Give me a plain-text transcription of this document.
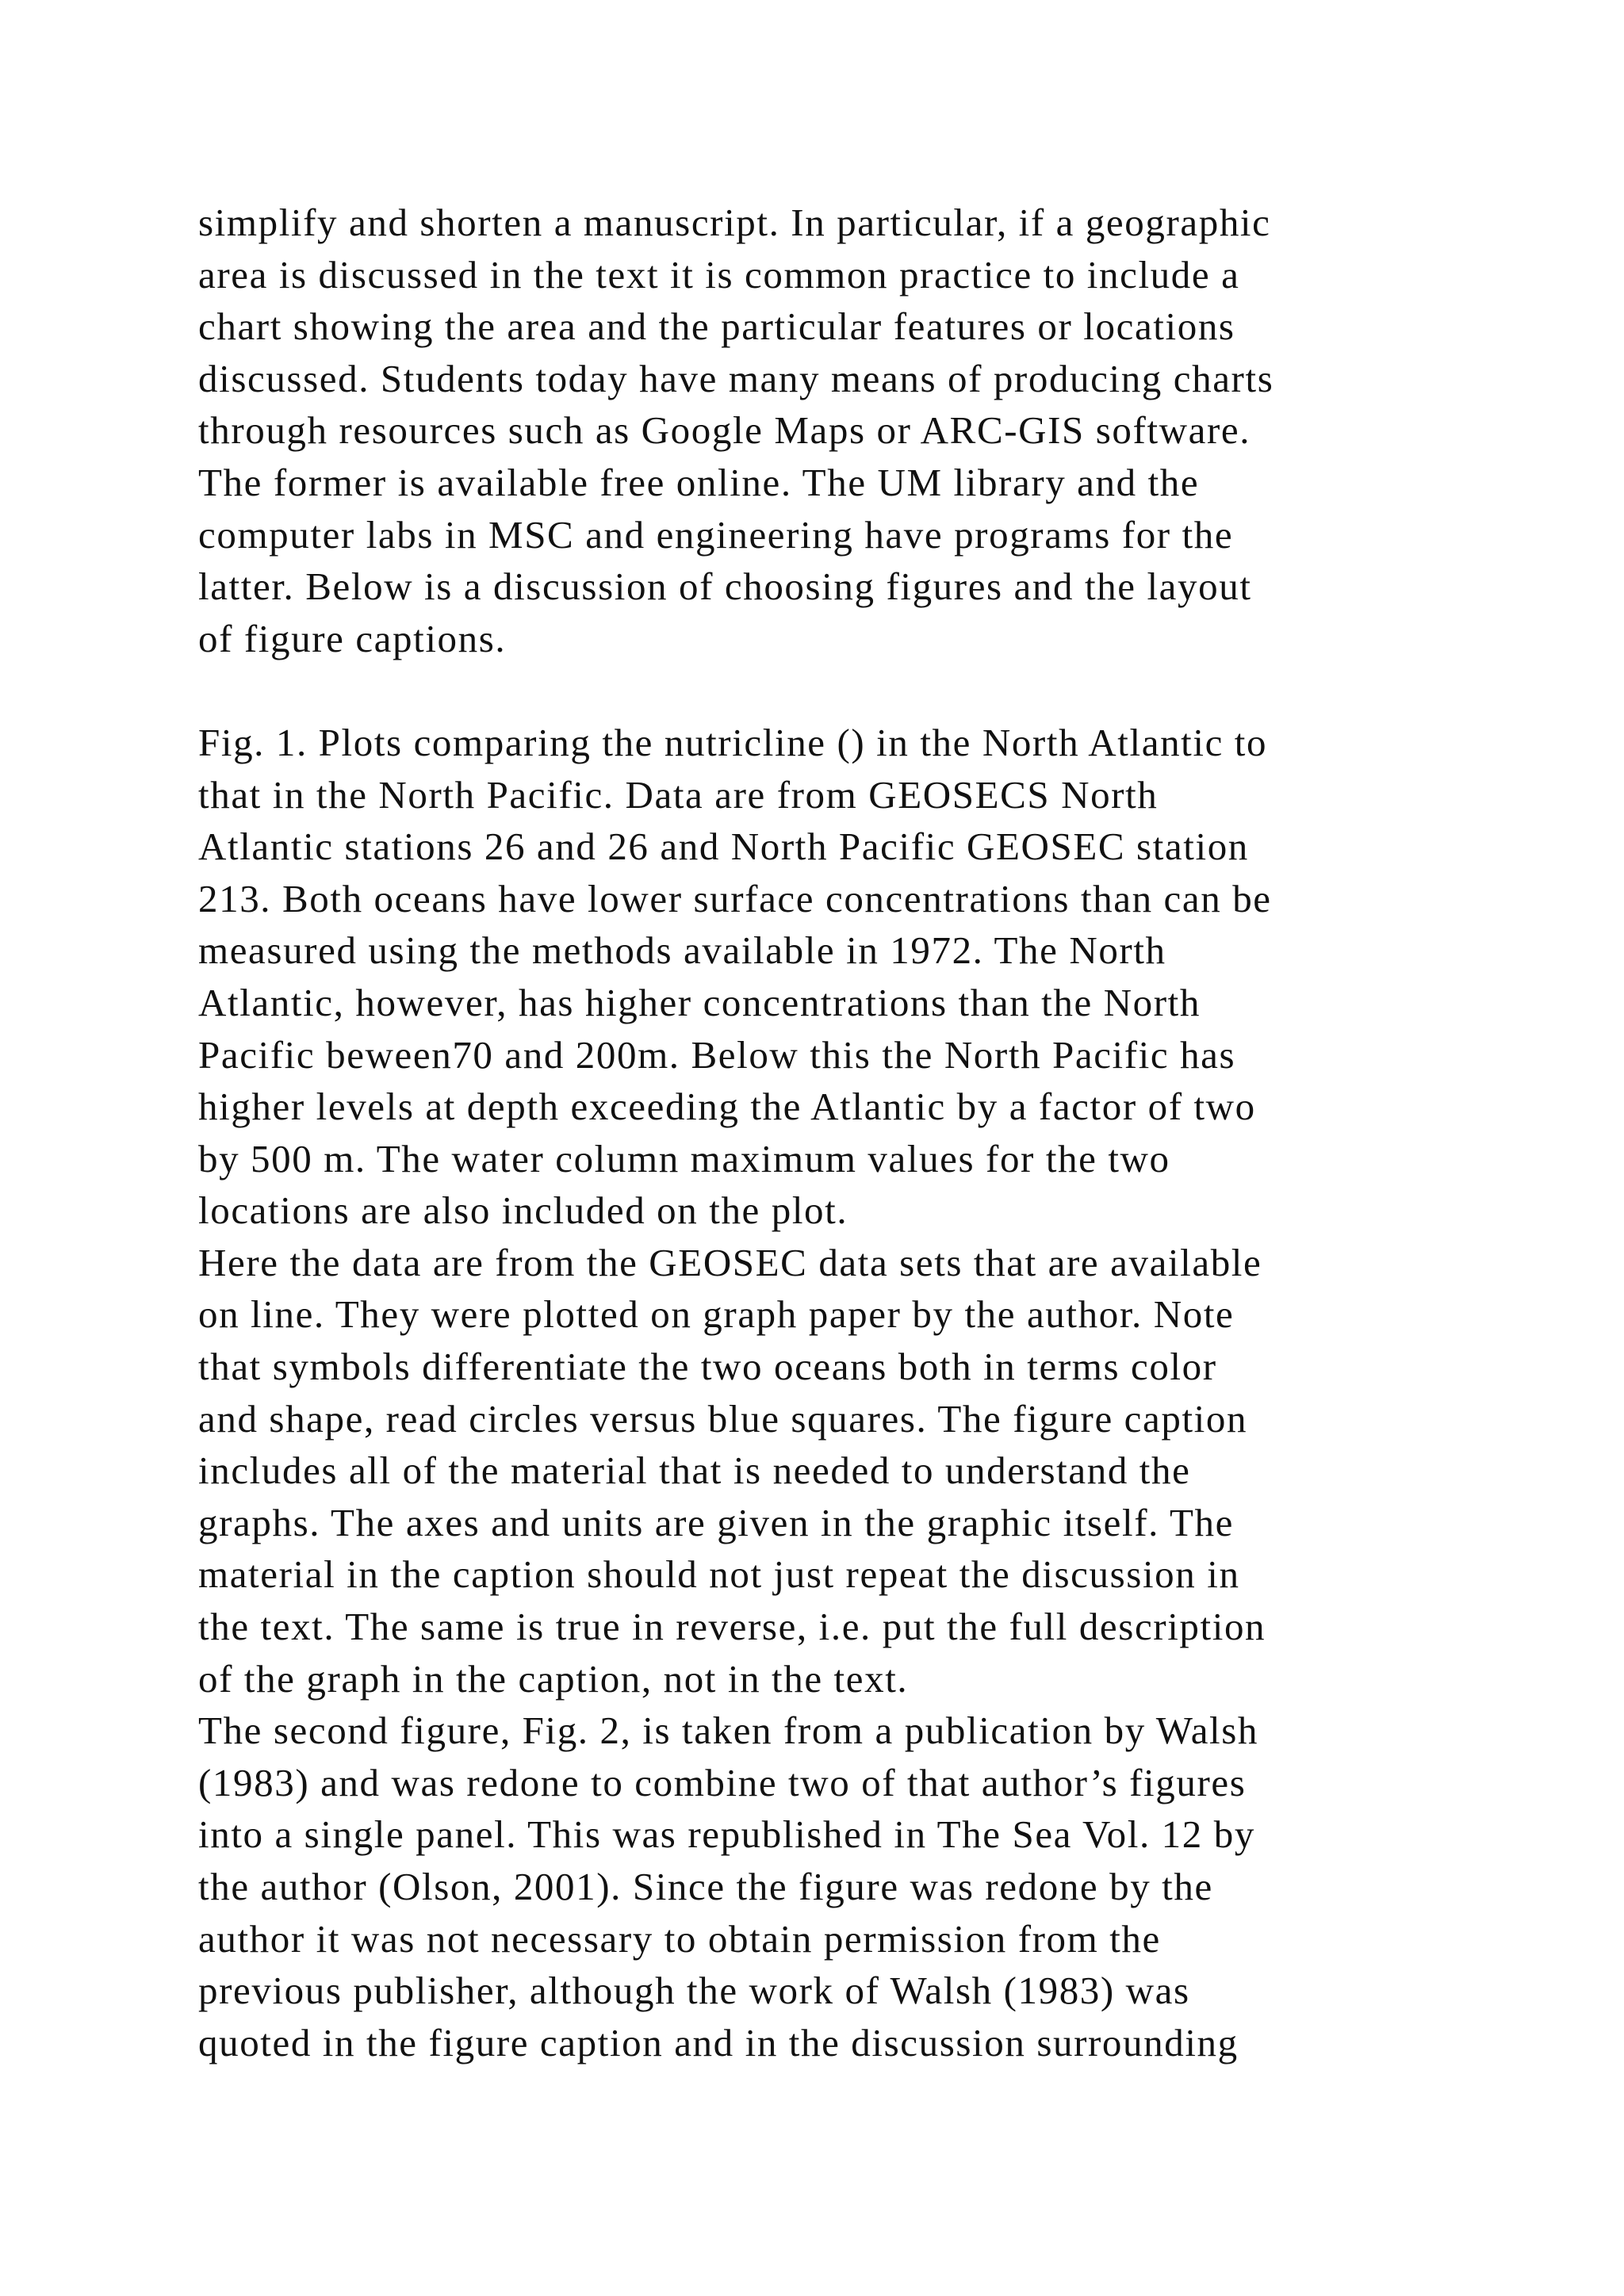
simplify and shorten a manuscript. In particular, if a geographic
area is discussed in the text it is common practice to include a
chart showing the area and the particular features or locations
discussed. Students today have many means of producing charts
through resources such as Google Maps or ARC-GIS software.
The former is available free online. The UM library and the
computer labs in MSC and engineering have programs for the
latter. Below is a discussion of choosing figures and the layout
of figure captions.
Fig. 1. Plots comparing the nutricline () in the North Atlantic to
that in the North Pacific. Data are from GEOSECS North
Atlantic stations 26 and 26 and North Pacific GEOSEC station
213. Both oceans have lower surface concentrations than can be
measured using the methods available in 1972. The North
Atlantic, however, has higher concentrations than the North
Pacific beween70 and 200m. Below this the North Pacific has
higher levels at depth exceeding the Atlantic by a factor of two
by 500 m. The water column maximum values for the two
locations are also included on the plot.
Here the data are from the GEOSEC data sets that are available
on line. They were plotted on graph paper by the author. Note
that symbols differentiate the two oceans both in terms color
and shape, read circles versus blue squares. The figure caption
includes all of the material that is needed to understand the
graphs. The axes and units are given in the graphic itself. The
material in the caption should not just repeat the discussion in
the text. The same is true in reverse, i.e. put the full description
of the graph in the caption, not in the text.
The second figure, Fig. 2, is taken from a publication by Walsh
(1983) and was redone to combine two of that author’s figures
into a single panel. This was republished in The Sea Vol. 12 by
the author (Olson, 2001). Since the figure was redone by the
author it was not necessary to obtain permission from the
previous publisher, although the work of Walsh (1983) was
quoted in the figure caption and in the discussion surrounding
